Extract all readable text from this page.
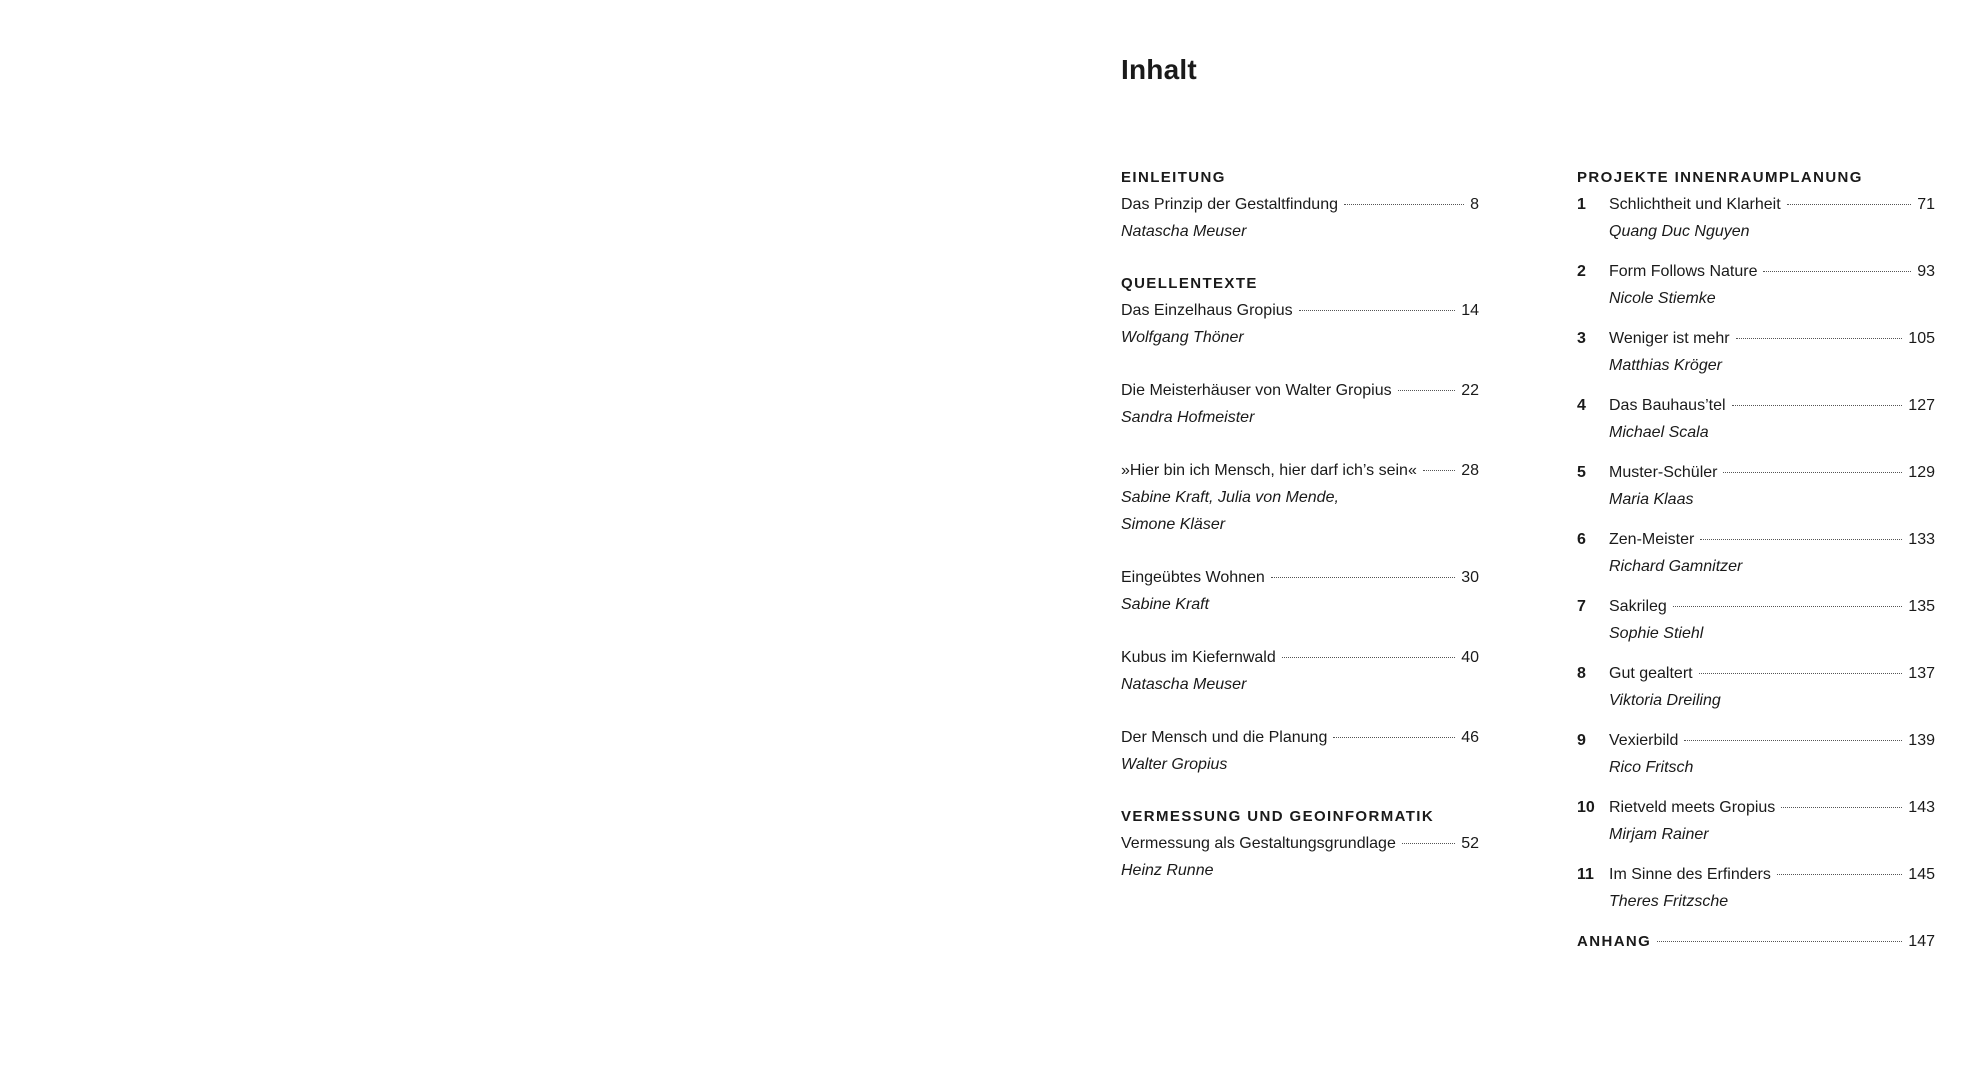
Inhalt
EINLEITUNG
Das Prinzip der Gestaltfindung	8
Natascha Meuser
QUELLENTEXTE
Das Einzelhaus Gropius	14
Wolfgang Thöner
Die Meisterhäuser von Walter Gropius	22
Sandra Hofmeister
»Hier bin ich Mensch, hier darf ich’s sein«	28
Sabine Kraft, Julia von Mende,
Simone Kläser
Eingeübtes Wohnen	30
Sabine Kraft
Kubus im Kiefernwald	40
Natascha Meuser
Der Mensch und die Planung	46
Walter Gropius
VERMESSUNG UND GEOINFORMATIK
Vermessung als Gestaltungsgrundlage	52
Heinz Runne
PROJEKTE INNENRAUMPLANUNG
1	Schlichtheit und Klarheit	71
Quang Duc Nguyen
2	Form Follows Nature	93
Nicole Stiemke
3	Weniger ist mehr	105
Matthias Kröger
4	Das Bauhaus’tel	127
Michael Scala
5	Muster-Schüler	129
Maria Klaas
6	Zen-Meister	133
Richard Gamnitzer
7	Sakrileg	135
Sophie Stiehl
8	Gut gealtert	137
Viktoria Dreiling
9	Vexierbild	139
Rico Fritsch
10 Rietveld meets Gropius	143
Mirjam Rainer
11 Im Sinne des Erfinders	145
Theres Fritzsche
ANHANG	147
